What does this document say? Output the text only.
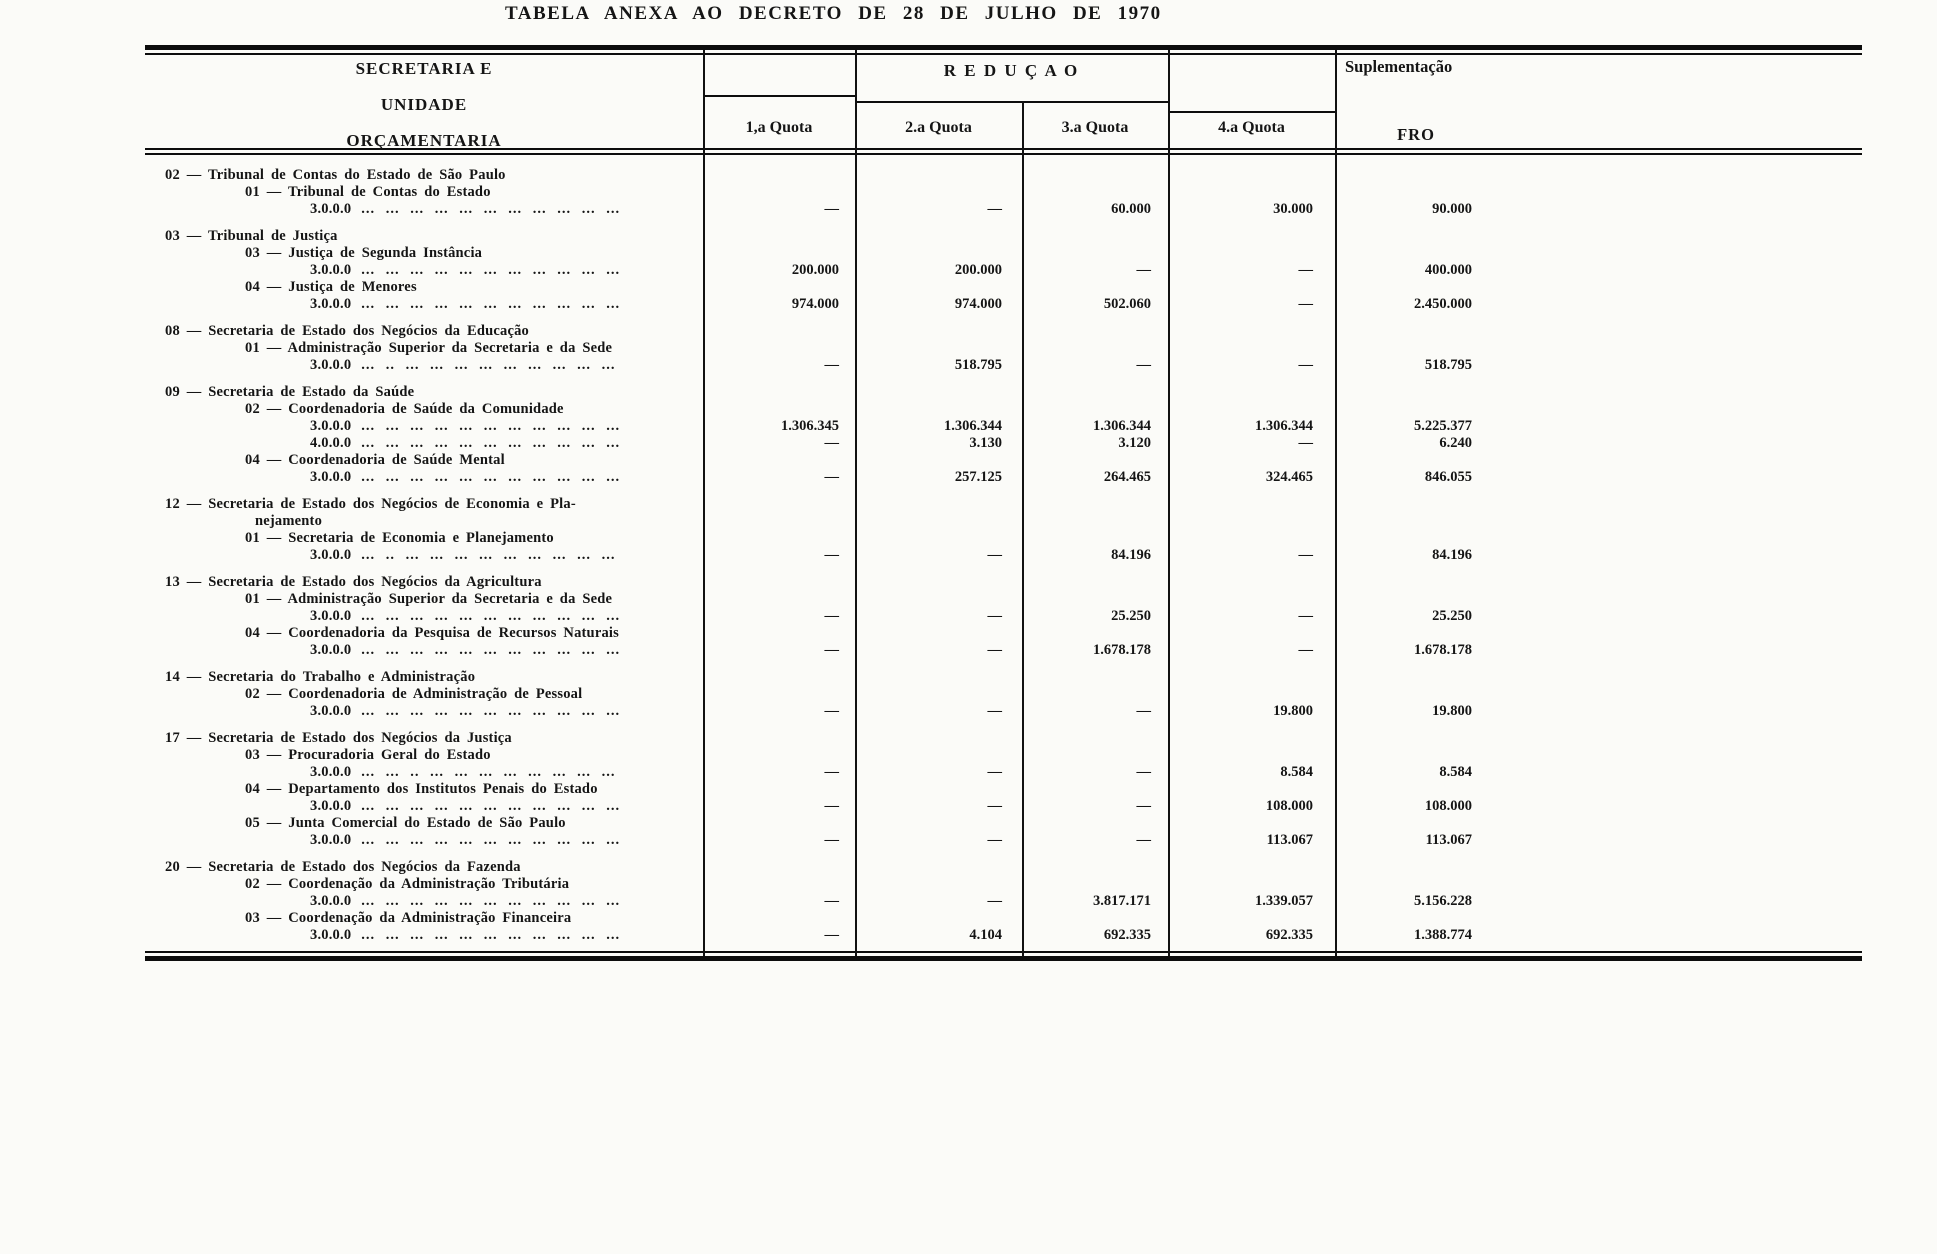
TABELA ANEXA AO DECRETO DE 28 DE JULHO DE 1970
SECRETARIA E
UNIDADE
ORÇAMENTARIA
R E D U Ç A O	Suplementação
1,a Quota	2.a Quota	3.a Quota	4.a Quota	FRO
02 — Tribunal de Contas do Estado de São Paulo
01 — Tribunal de Contas do Estado
3.0.0.0 ... ... ... ... ... ... ... ... ... ... ...	—	—	60.000	30.000	90.000
03 — Tribunal de Justiça
03 — Justiça de Segunda Instância
3.0.0.0 ... ... ... ... ... ... ... ... ... ... ...	200.000	200.000	—	—	400.000
04 — Justiça de Menores
3.0.0.0 ... ... ... ... ... ... ... ... ... ... ...	974.000	974.000	502.060	—	2.450.000
08 — Secretaria de Estado dos Negócios da Educação
01 — Administração Superior da Secretaria e da Sede
3.0.0.0 ... .. ... ... ... ... ... ... ... ... ...	—	518.795	—	—	518.795
09 — Secretaria de Estado da Saúde
02 — Coordenadoria de Saúde da Comunidade
3.0.0.0 ... ... ... ... ... ... ... ... ... ... ...	1.306.345	1.306.344	1.306.344	1.306.344	5.225.377
4.0.0.0 ... ... ... ... ... ... ... ... ... ... ...	—	3.130	3.120	—	6.240
04 — Coordenadoria de Saúde Mental
3.0.0.0 ... ... ... ... ... ... ... ... ... ... ...	—	257.125	264.465	324.465	846.055
12 — Secretaria de Estado dos Negócios de Economia e Pla-
nejamento
01 — Secretaria de Economia e Planejamento
3.0.0.0 ... .. ... ... ... ... ... ... ... ... ...	—	—	84.196	—	84.196
13 — Secretaria de Estado dos Negócios da Agricultura
01 — Administração Superior da Secretaria e da Sede
3.0.0.0 ... ... ... ... ... ... ... ... ... ... ...	—	—	25.250	—	25.250
04 — Coordenadoria da Pesquisa de Recursos Naturais
3.0.0.0 ... ... ... ... ... ... ... ... ... ... ...	—	—	1.678.178	—	1.678.178
14 — Secretaria do Trabalho e Administração
02 — Coordenadoria de Administração de Pessoal
3.0.0.0 ... ... ... ... ... ... ... ... ... ... ...	—	—	—	19.800	19.800
17 — Secretaria de Estado dos Negócios da Justiça
03 — Procuradoria Geral do Estado
3.0.0.0 ... ... .. ... ... ... ... ... ... ... ...	—	—	—	8.584	8.584
04 — Departamento dos Institutos Penais do Estado
3.0.0.0 ... ... ... ... ... ... ... ... ... ... ...	—	—	—	108.000	108.000
05 — Junta Comercial do Estado de São Paulo
3.0.0.0 ... ... ... ... ... ... ... ... ... ... ...	—	—	—	113.067	113.067
20 — Secretaria de Estado dos Negócios da Fazenda
02 — Coordenação da Administração Tributária
3.0.0.0 ... ... ... ... ... ... ... ... ... ... ...	—	—	3.817.171	1.339.057	5.156.228
03 — Coordenação da Administração Financeira
3.0.0.0 ... ... ... ... ... ... ... ... ... ... ...	—	4.104	692.335	692.335	1.388.774
